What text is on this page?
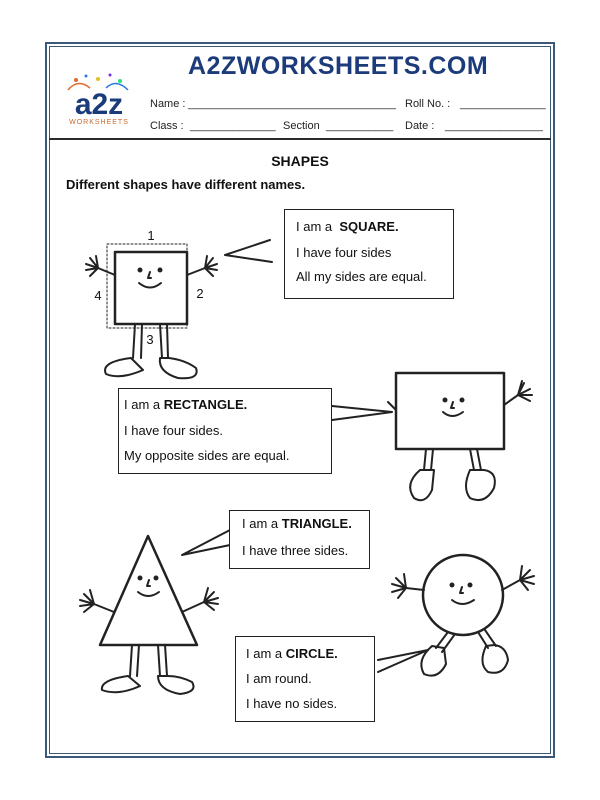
a2z
WORKSHEETS
A2ZWORKSHEETS.COM
Name : __________________________________ Roll No. : ______________
Class : ______________ Section ___________ Date : ________________
SHAPES
Different shapes have different names.
1
2
3
4
I am a SQUARE.
I have four sides
All my sides are equal.
I am a RECTANGLE.
I have four sides.
My opposite sides are equal.
I am a TRIANGLE.
I have three sides.
I am a CIRCLE.
I am round.
I have no sides.
